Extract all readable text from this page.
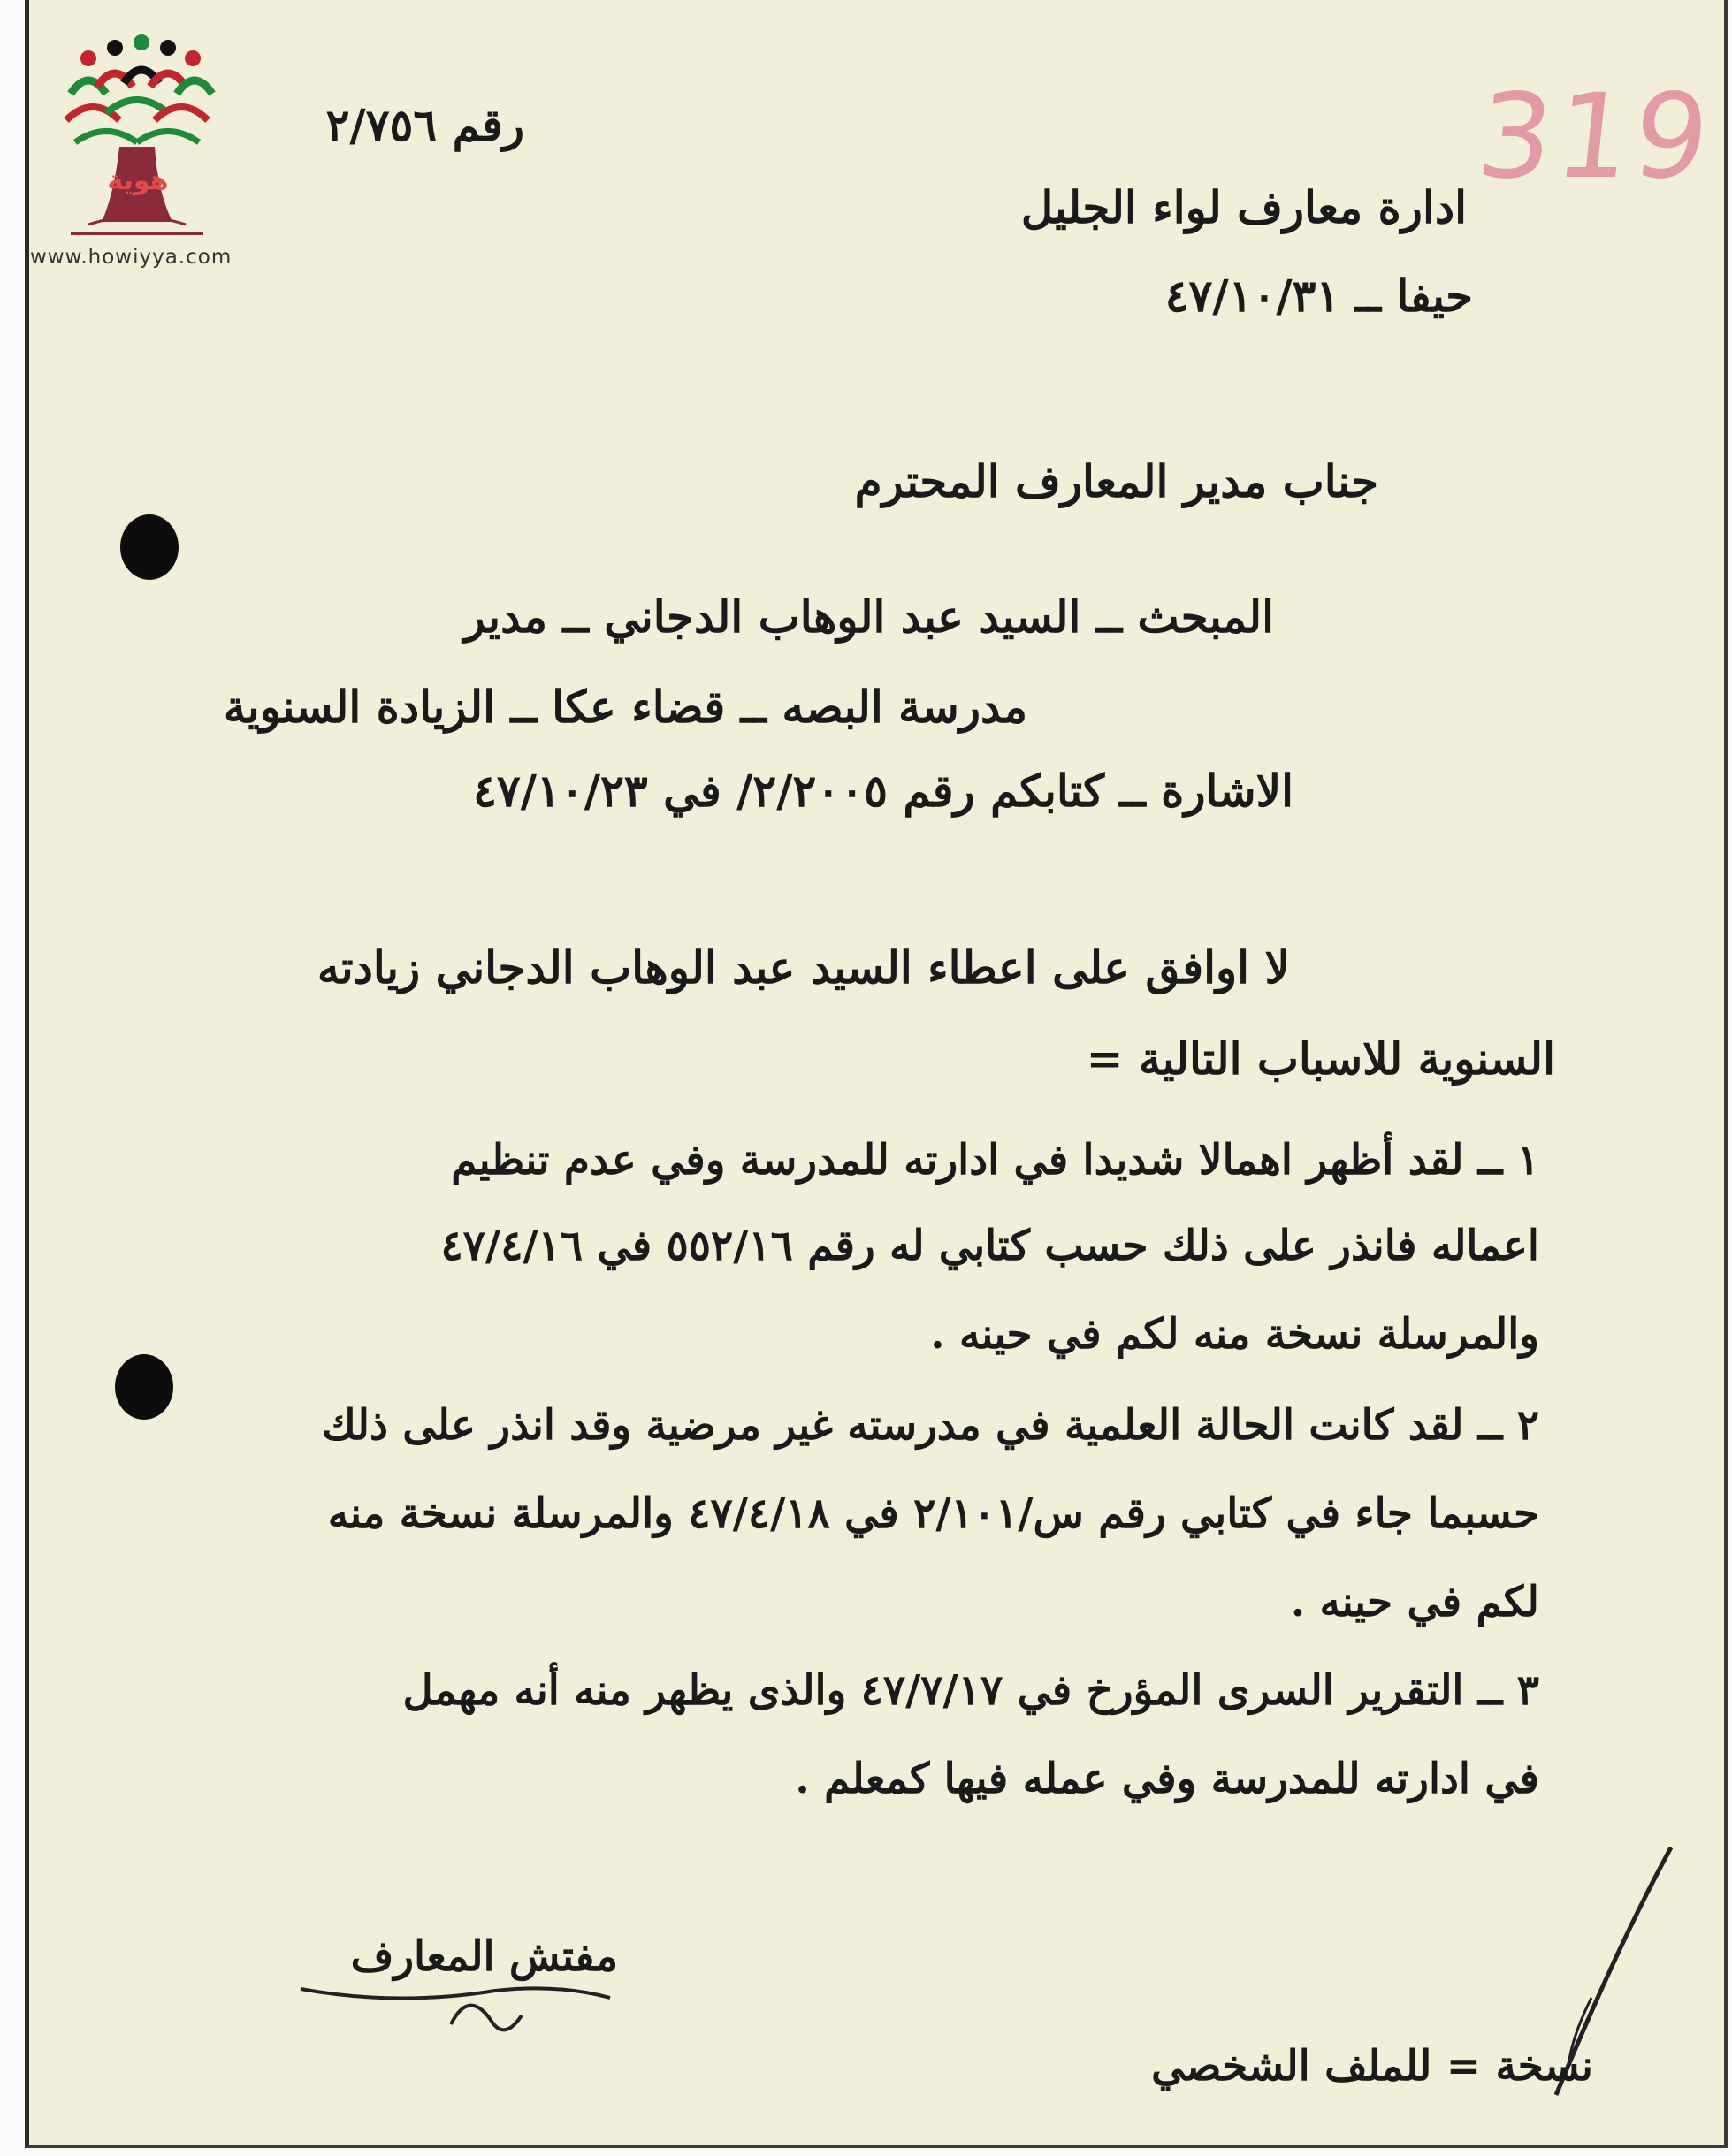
هوية
www.howiyya.com
319
رقم ٢/٧٥٦
ادارة معارف لواء الجليل
حيفا ــ ٤٧/١٠/٣١
جناب مدير المعارف المحترم
المبحث ــ السيد عبد الوهاب الدجاني ــ مدير
مدرسة البصه ــ قضاء عكا ــ الزيادة السنوية
الاشارة ــ كتابكم رقم ٢/٢٠٠٥/ في ٤٧/١٠/٢٣
لا اوافق على اعطاء السيد عبد الوهاب الدجاني زيادته
السنوية للاسباب التالية =
١ ــ لقد أظهر اهمالا شديدا في ادارته للمدرسة وفي عدم تنظيم
اعماله فانذر على ذلك حسب كتابي له رقم ٥٥٢/١٦ في ٤٧/٤/١٦
والمرسلة نسخة منه لكم في حينه .
٢ ــ لقد كانت الحالة العلمية في مدرسته غير مرضية وقد انذر على ذلك
حسبما جاء في كتابي رقم س/٢/١٠١ في ٤٧/٤/١٨ والمرسلة نسخة منه
لكم في حينه .
٣ ــ التقرير السرى المؤرخ في ٤٧/٧/١٧ والذى يظهر منه أنه مهمل
في ادارته للمدرسة وفي عمله فيها كمعلم .
مفتش المعارف
نسخة = للملف الشخصي
